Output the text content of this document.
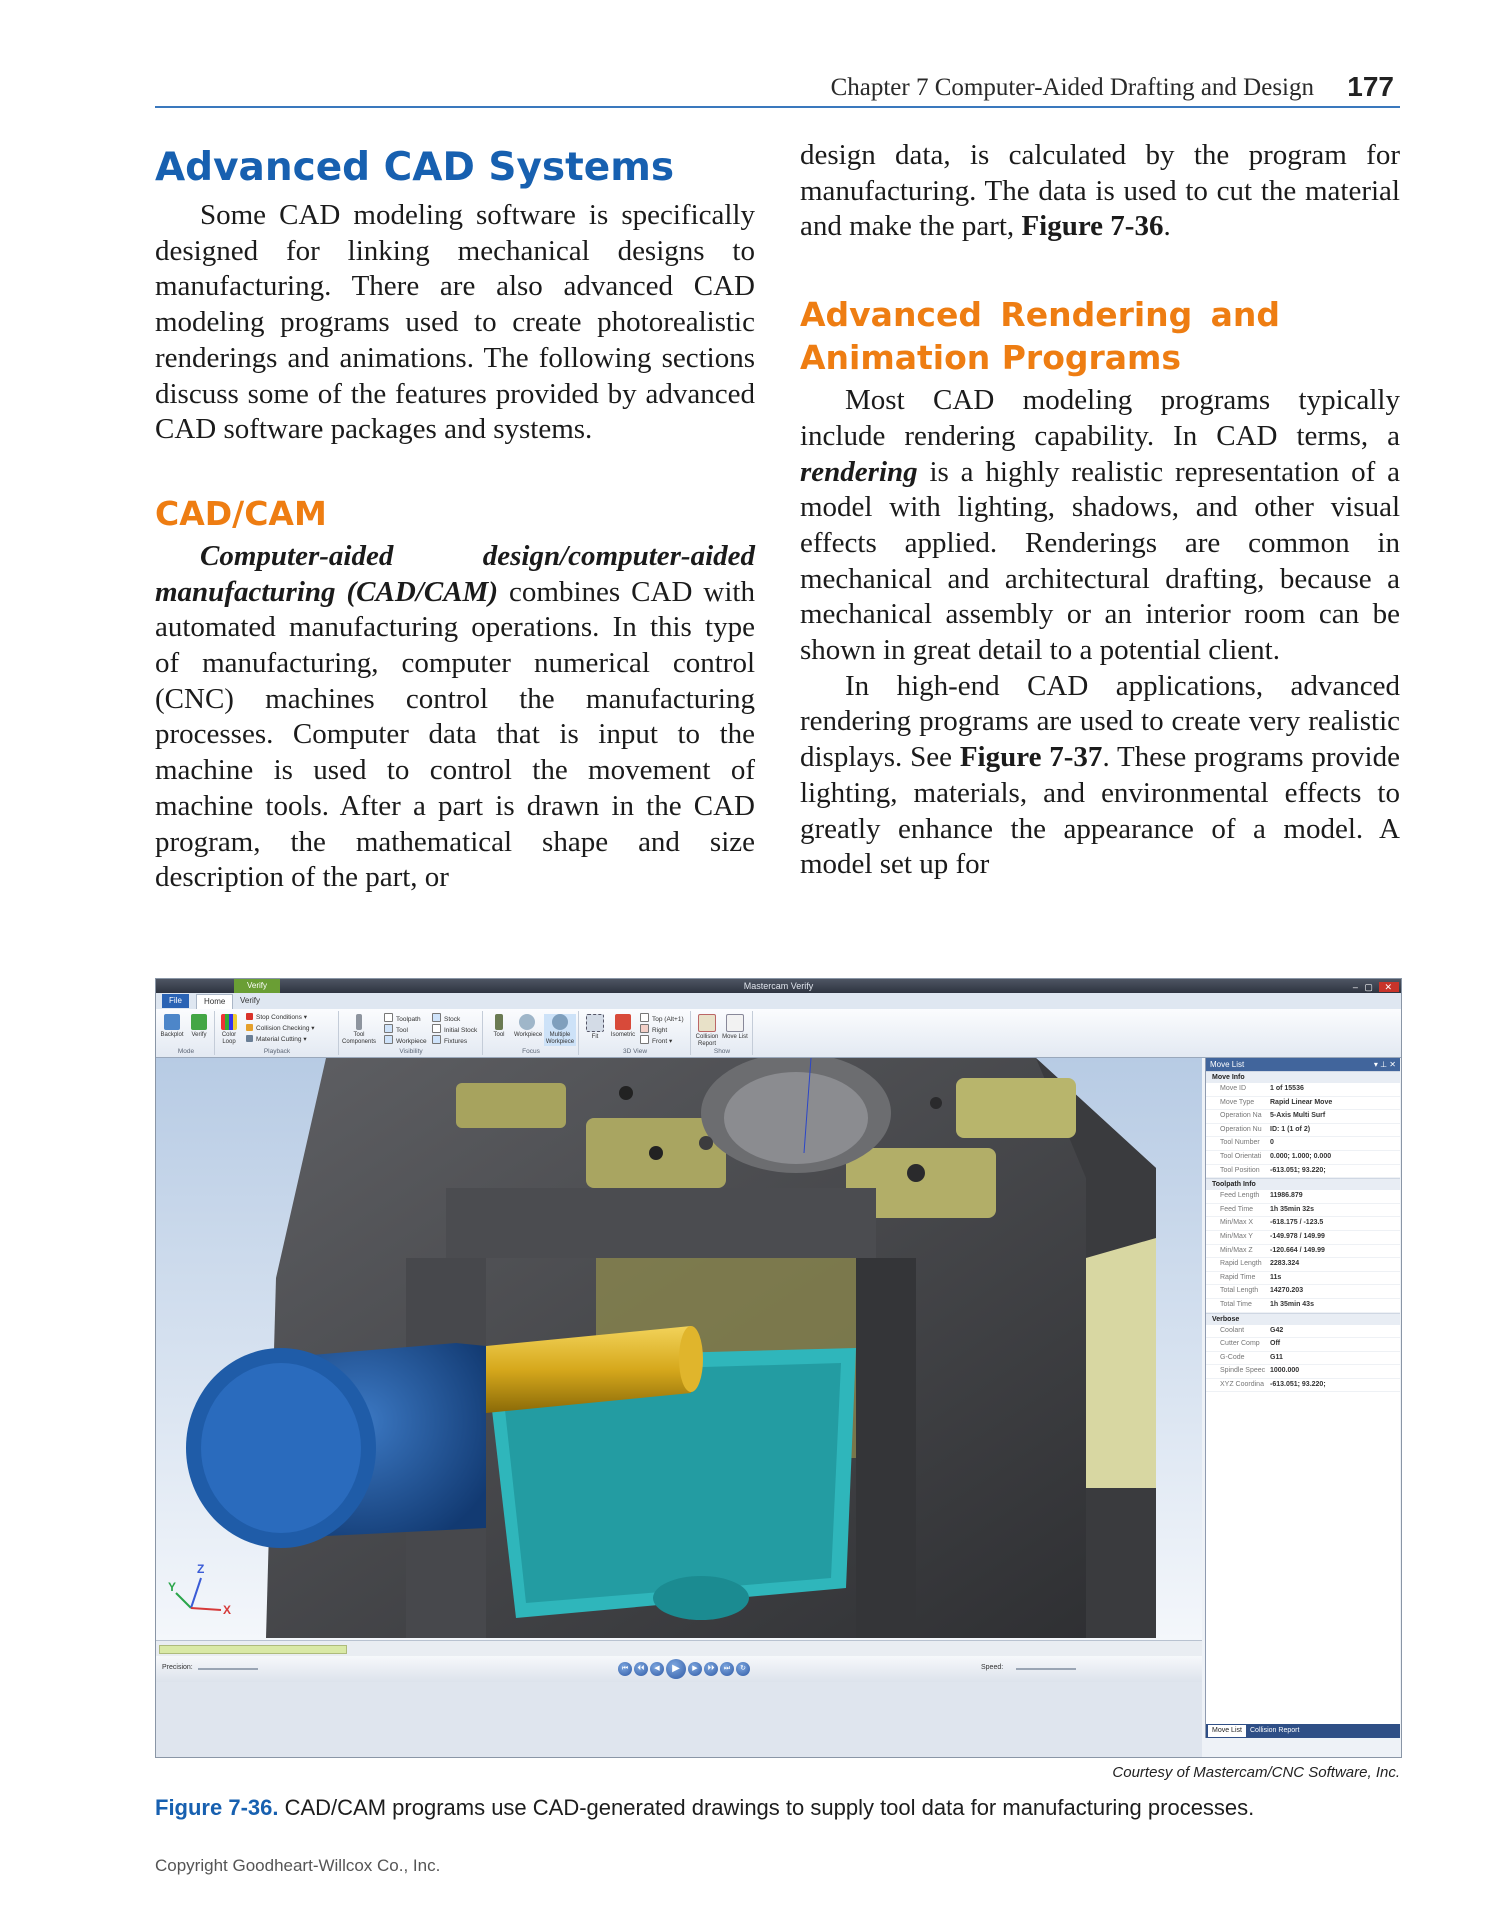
Chapter 7 Computer-Aided Drafting and Design 177
Advanced CAD Systems

Some CAD modeling software is specifically designed for linking mechanical designs to manufacturing. There are also advanced CAD modeling programs used to create photorealistic renderings and animations. The following sections discuss some of the features provided by advanced CAD software packages and systems.

CAD/CAM

Computer-aided design/computer-aided manufacturing (CAD/CAM) combines CAD with automated manufacturing operations. In this type of manufacturing, computer numerical control (CNC) machines control the manufacturing processes. Computer data that is input to the machine is used to control the movement of machine tools. After a part is drawn in the CAD program, the mathematical shape and size description of the part, or

design data, is calculated by the program for manufacturing. The data is used to cut the material and make the part, Figure 7-36.

Advanced Rendering and Animation Programs

Most CAD modeling programs typically include rendering capability. In CAD terms, a rendering is a highly realistic representation of a model with lighting, shadows, and other visual effects applied. Renderings are common in mechanical and architectural drafting, because a mechanical assembly or an interior room can be shown in great detail to a potential client.

In high-end CAD applications, advanced rendering programs are used to create very realistic displays. See Figure 7-37. These programs provide lighting, materials, and environmental effects to greatly enhance the appearance of a model. A model set up for

Verify	Mastercam Verify	– ▢ ✕
File	Home	Verify
Backplot	Verify
Mode
Color Loop
Stop Conditions ▾
Collision Checking ▾
Material Cutting ▾
Playback
Tool Components
Toolpath
Tool
Workpiece
Stock
Initial Stock
Fixtures
Visibility
Tool	Workpiece	Multiple Workpiece
Focus
Fit	Isometric
Top (Alt+1)
Right
Front ▾
3D View
Collision Report
Move List
Show
Y
Z
X
Move List	▾ ⊥ ✕
Move Info
Move ID	1 of 15536
Move Type	Rapid Linear Move
Operation Na	5-Axis Multi Surf
Operation Nu	ID: 1 (1 of 2)
Tool Number	0
Tool Orientati	0.000; 1.000; 0.000
Tool Position	-613.051; 93.220;
Toolpath Info
Feed Length	11986.879
Feed Time	1h 35min 32s
Min/Max X	-618.175 / -123.5
Min/Max Y	-149.978 / 149.99
Min/Max Z	-120.664 / 149.99
Rapid Length	2283.324
Rapid Time	11s
Total Length	14270.203
Total Time	1h 35min 43s
Verbose
Coolant	G42
Cutter Comp	Off
G-Code	G11
Spindle Speec 1000.000
XYZ Coordina -613.051; 93.220;
Move List	Collision Report
Precision:	⏮	⏴⏴	◀	▶	▶	⏵⏵	⏭	↻	Speed:
Courtesy of Mastercam/CNC Software, Inc.
Figure 7-36. CAD/CAM programs use CAD-generated drawings to supply tool data for manufacturing processes.
Copyright Goodheart-Willcox Co., Inc.
